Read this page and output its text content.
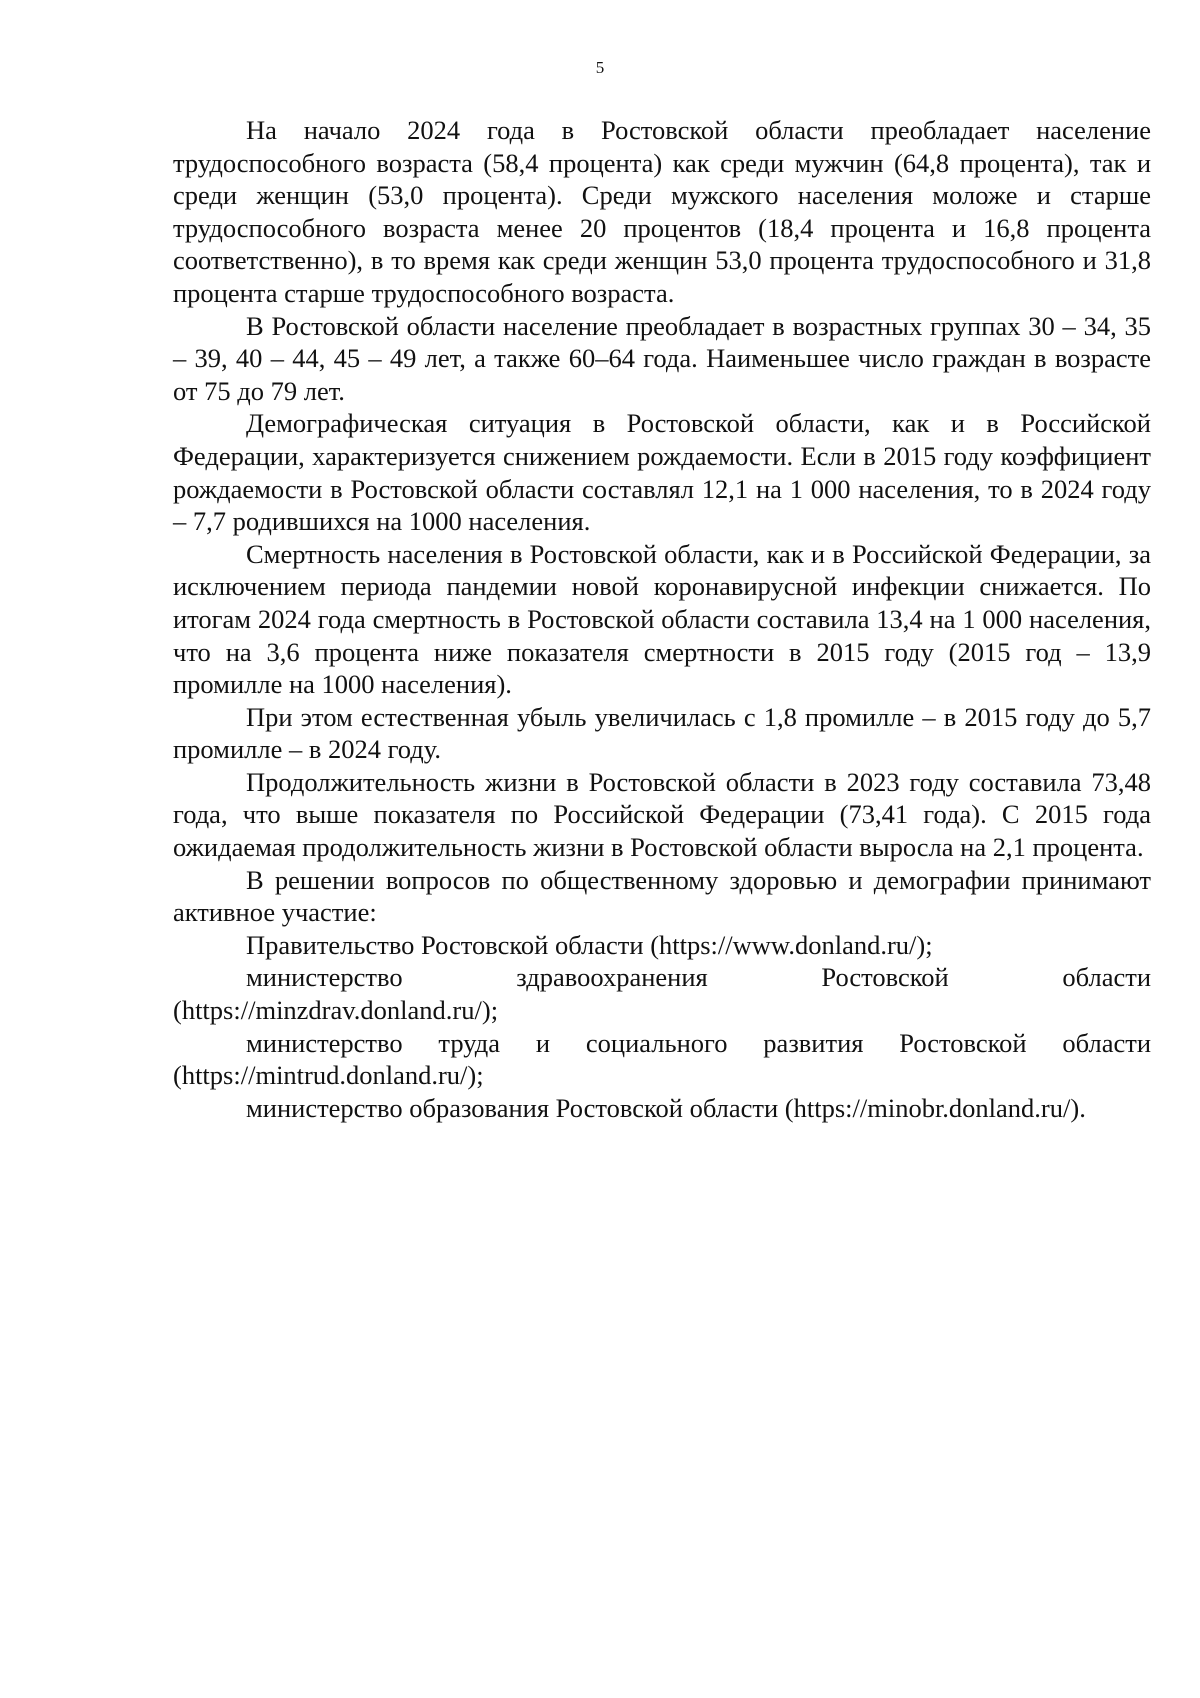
5

На начало 2024 года в Ростовской области преобладает население трудоспособного возраста (58,4 процента) как среди мужчин (64,8 процента), так и среди женщин (53,0 процента). Среди мужского населения моложе и старше трудоспособного возраста менее 20 процентов (18,4 процента и 16,8 процента соответственно), в то время как среди женщин 53,0 процента трудоспособного и 31,8 процента старше трудоспособного возраста.

В Ростовской области население преобладает в возрастных группах 30 – 34, 35 – 39, 40 – 44, 45 – 49 лет, а также 60–64 года. Наименьшее число граждан в возрасте от 75 до 79 лет.

Демографическая ситуация в Ростовской области, как и в Российской Федерации, характеризуется снижением рождаемости. Если в 2015 году коэффициент рождаемости в Ростовской области составлял 12,1 на 1 000 населения, то в 2024 году – 7,7 родившихся на 1000 населения.

Смертность населения в Ростовской области, как и в Российской Федерации, за исключением периода пандемии новой коронавирусной инфекции снижается. По итогам 2024 года смертность в Ростовской области составила 13,4 на 1 000 населения, что на 3,6 процента ниже показателя смертности в 2015 году (2015 год – 13,9 промилле на 1000 населения).

При этом естественная убыль увеличилась с 1,8 промилле – в 2015 году до 5,7 промилле – в 2024 году.

Продолжительность жизни в Ростовской области в 2023 году составила 73,48 года, что выше показателя по Российской Федерации (73,41 года). С 2015 года ожидаемая продолжительность жизни в Ростовской области выросла на 2,1 процента.

В решении вопросов по общественному здоровью и демографии принимают активное участие:

Правительство Ростовской области (https://www.donland.ru/);

министерство здравоохранения Ростовской области (https://minzdrav.donland.ru/);

министерство труда и социального развития Ростовской области (https://mintrud.donland.ru/);

министерство образования Ростовской области (https://minobr.donland.ru/).
